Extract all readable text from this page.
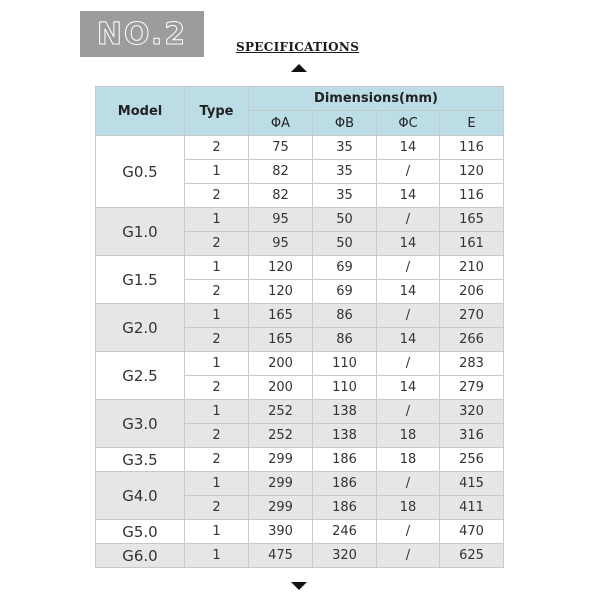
NO.2	SPECIFICATIONS
Model	Type	Dimensions(mm)			
		ΦA	ΦB	ΦC	E
G0.5	2	75	35	14	116
	1	82	35	/	120
	2	82	35	14	116
G1.0	1	95	50	/	165
	2	95	50	14	161
G1.5	1	120	69	/	210
	2	120	69	14	206
G2.0	1	165	86	/	270
	2	165	86	14	266
G2.5	1	200	110	/	283
	2	200	110	14	279
G3.0	1	252	138	/	320
	2	252	138	18	316
G3.5	2	299	186	18	256
G4.0	1	299	186	/	415
	2	299	186	18	411
G5.0	1	390	246	/	470
G6.0	1	475	320	/	625
